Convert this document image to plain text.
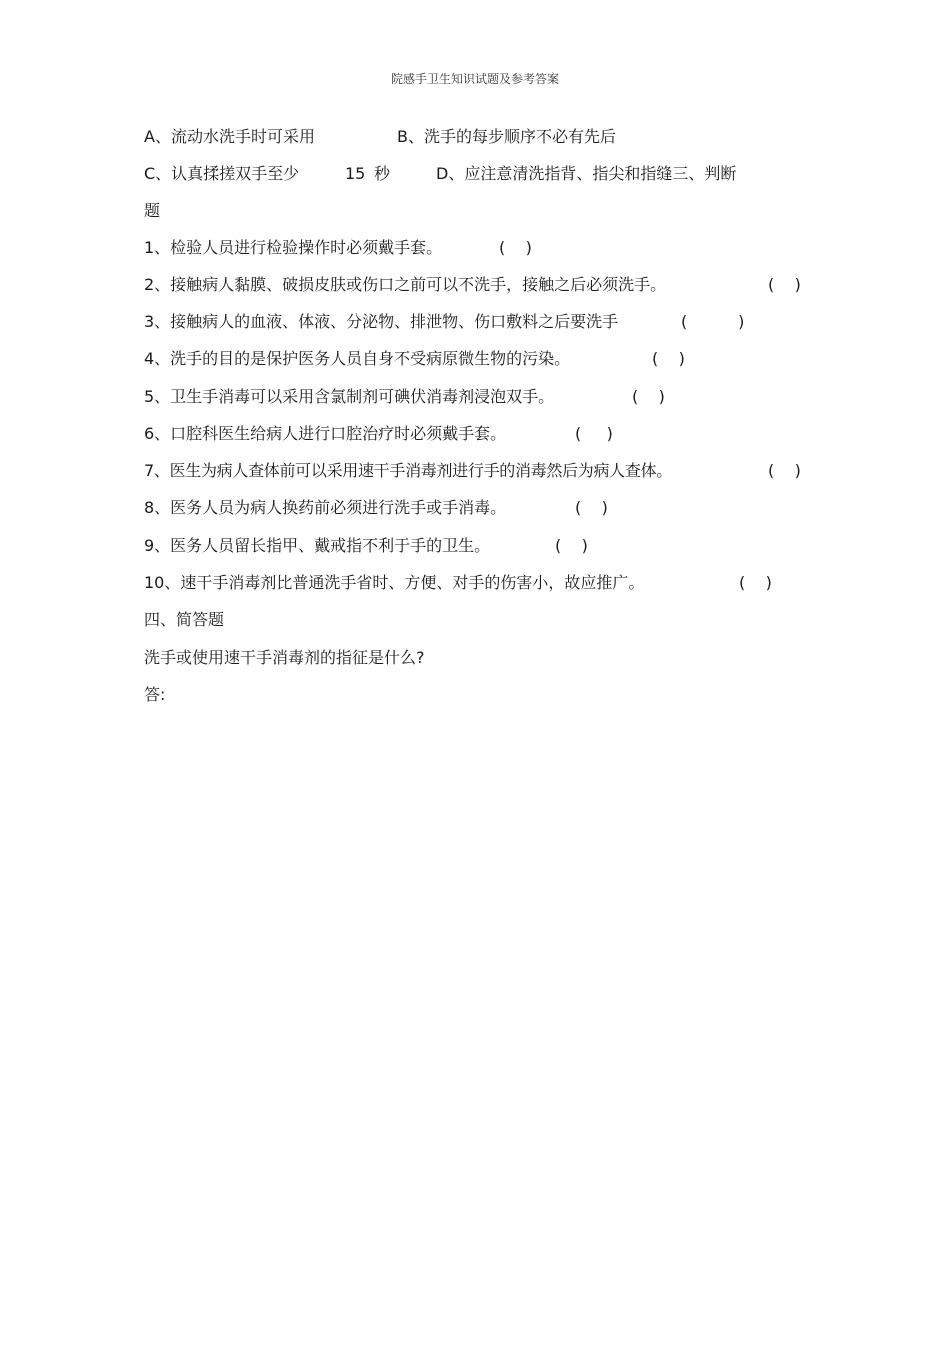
院感手卫生知识试题及参考答案
A、流动水洗手时可采用	B、洗手的每步顺序不必有先后
C、认真揉搓双手至少	15 秒	D、应注意清洗指背、指尖和指缝三、判断
题
1、检验人员进行检验操作时必须戴手套。	(    )
2、接触病人黏膜、破损皮肤或伤口之前可以不洗手，接触之后必须洗手。	(    )
3、接触病人的血液、体液、分泌物、排泄物、伤口敷料之后要洗手	(          )
4、洗手的目的是保护医务人员自身不受病原微生物的污染。	(    )
5、卫生手消毒可以采用含氯制剂可碘伏消毒剂浸泡双手。	(    )
6、口腔科医生给病人进行口腔治疗时必须戴手套。	(     )
7、医生为病人查体前可以采用速干手消毒剂进行手的消毒然后为病人查体。	(    )
8、医务人员为病人换药前必须进行洗手或手消毒。	(    )
9、医务人员留长指甲、戴戒指不利于手的卫生。	(    )
10、速干手消毒剂比普通洗手省时、方便、对手的伤害小，故应推广。	(    )
四、简答题
洗手或使用速干手消毒剂的指征是什么?
答:
